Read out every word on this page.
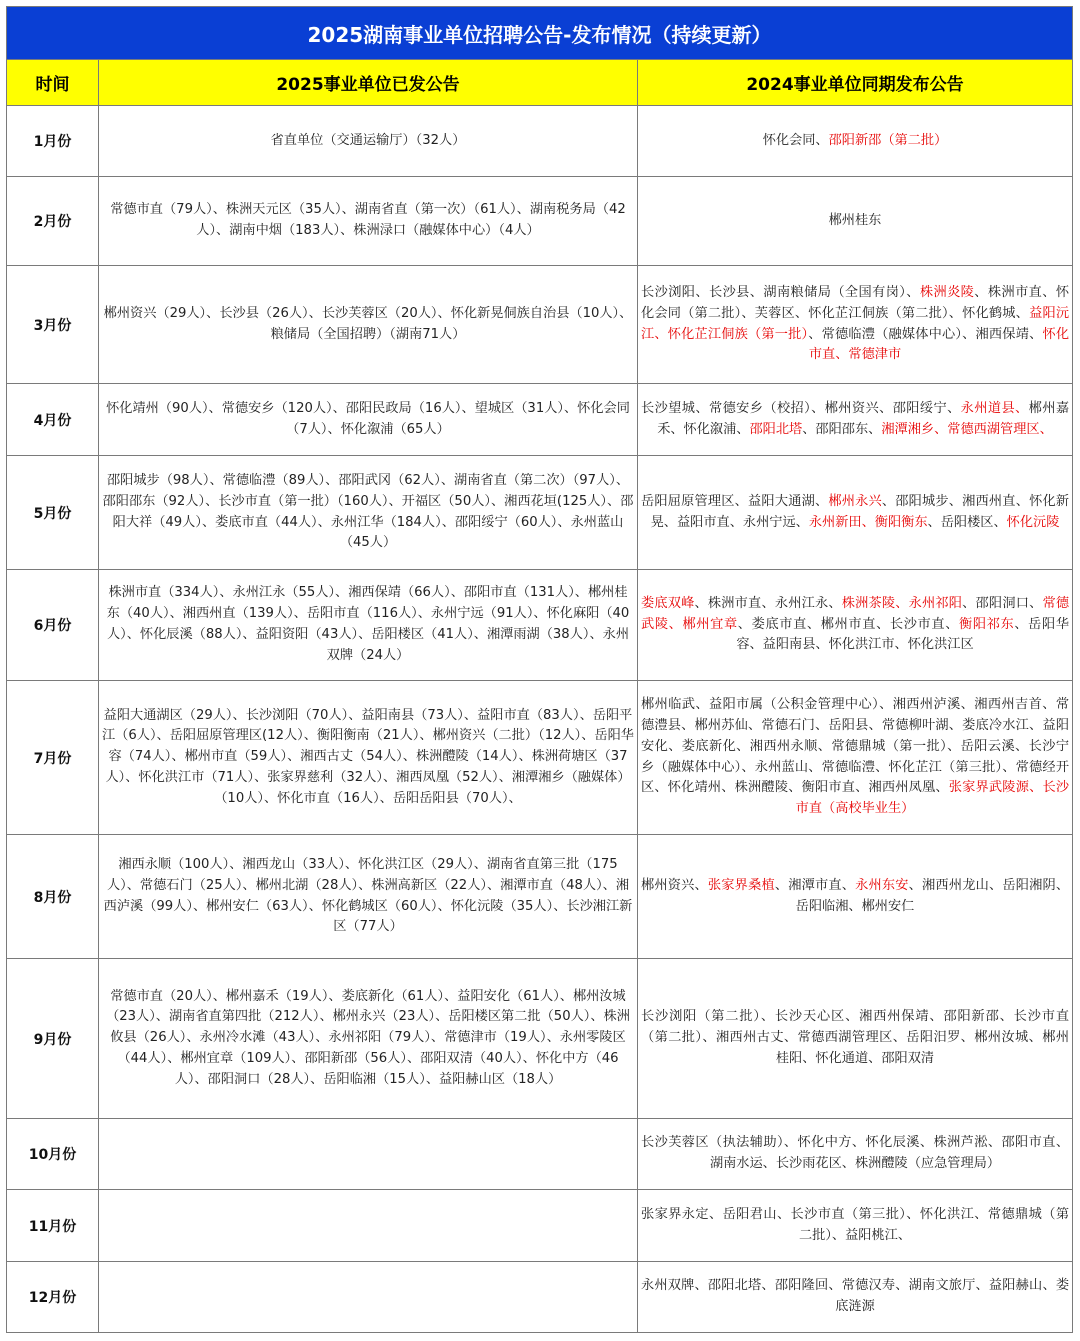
2025湖南事业单位招聘公告-发布情况（持续更新）		
时间	2025事业单位已发公告	2024事业单位同期发布公告
1月份	省直单位（交通运输厅）（32人）	怀化会同、邵阳新邵（第二批）
2月份	常德市直（79人）、株洲天元区（35人）、湖南省直（第一次）（61人）、湖南税务局（42人）、湖南中烟（183人）、株洲渌口（融媒体中心）（4人）	郴州桂东
3月份	郴州资兴（29人）、长沙县（26人）、长沙芙蓉区（20人）、怀化新晃侗族自治县（10人）、粮储局（全国招聘）（湖南71人）	长沙浏阳、长沙县、湖南粮储局（全国有岗）、株洲炎陵、株洲市直、怀化会同（第二批）、芙蓉区、怀化芷江侗族（第二批）、怀化鹤城、益阳沅江、怀化芷江侗族（第一批）、常德临澧（融媒体中心）、湘西保靖、怀化市直、常德津市
4月份	怀化靖州（90人）、常德安乡（120人）、邵阳民政局（16人）、望城区（31人）、怀化会同（7人）、怀化溆浦（65人）	长沙望城、常德安乡（校招）、郴州资兴、邵阳绥宁、永州道县、郴州嘉禾、怀化溆浦、邵阳北塔、邵阳邵东、湘潭湘乡、常德西湖管理区、
5月份	邵阳城步（98人）、常德临澧（89人）、邵阳武冈（62人）、湖南省直（第二次）（97人）、邵阳邵东（92人）、长沙市直（第一批）（160人）、开福区（50人）、湘西花垣(125人）、邵阳大祥（49人）、娄底市直（44人）、永州江华（184人）、邵阳绥宁（60人）、永州蓝山（45人）	岳阳屈原管理区、益阳大通湖、郴州永兴、邵阳城步、湘西州直、怀化新晃、益阳市直、永州宁远、永州新田、衡阳衡东、岳阳楼区、怀化沅陵
6月份	株洲市直（334人）、永州江永（55人）、湘西保靖（66人）、邵阳市直（131人）、郴州桂东（40人）、湘西州直（139人）、岳阳市直（116人）、永州宁远（91人）、怀化麻阳（40人）、怀化辰溪（88人）、益阳资阳（43人）、岳阳楼区（41人）、湘潭雨湖（38人）、永州双牌（24人）	娄底双峰、株洲市直、永州江永、株洲茶陵、永州祁阳、邵阳洞口、常德武陵、郴州宜章、娄底市直、郴州市直、长沙市直、衡阳祁东、岳阳华容、益阳南县、怀化洪江市、怀化洪江区
7月份	益阳大通湖区（29人）、长沙浏阳（70人）、益阳南县（73人）、益阳市直（83人）、岳阳平江（6人）、岳阳屈原管理区(12人）、衡阳衡南（21人）、郴州资兴（二批）（12人）、岳阳华容（74人）、郴州市直（59人）、湘西古丈（54人）、株洲醴陵（14人）、株洲荷塘区（37人）、怀化洪江市（71人）、张家界慈利（32人）、湘西凤凰（52人）、湘潭湘乡（融媒体）（10人）、怀化市直（16人）、岳阳岳阳县（70人）、	郴州临武、益阳市属（公积金管理中心）、湘西州泸溪、湘西州吉首、常德澧县、郴州苏仙、常德石门、岳阳县、常德柳叶湖、娄底冷水江、益阳安化、娄底新化、湘西州永顺、常德鼎城（第一批）、岳阳云溪、长沙宁乡（融媒体中心）、永州蓝山、常德临澧、怀化芷江（第三批）、常德经开区、怀化靖州、株洲醴陵、衡阳市直、湘西州凤凰、张家界武陵源、长沙市直（高校毕业生）
8月份	湘西永顺（100人）、湘西龙山（33人）、怀化洪江区（29人）、湖南省直第三批（175人）、常德石门（25人）、郴州北湖（28人）、株洲高新区（22人）、湘潭市直（48人）、湘西泸溪（99人）、郴州安仁（63人）、怀化鹤城区（60人）、怀化沅陵（35人）、长沙湘江新区（77人）	郴州资兴、张家界桑植、湘潭市直、永州东安、湘西州龙山、岳阳湘阴、岳阳临湘、郴州安仁
9月份	常德市直（20人）、郴州嘉禾（19人）、娄底新化（61人）、益阳安化（61人）、郴州汝城（23人）、湖南省直第四批（212人）、郴州永兴（23人）、岳阳楼区第二批（50人）、株洲攸县（26人）、永州冷水滩（43人）、永州祁阳（79人）、常德津市（19人）、永州零陵区（44人）、郴州宜章（109人）、邵阳新邵（56人）、邵阳双清（40人）、怀化中方（46人）、邵阳洞口（28人）、岳阳临湘（15人）、益阳赫山区（18人）	长沙浏阳（第二批）、长沙天心区、湘西州保靖、邵阳新邵、长沙市直（第二批）、湘西州古丈、常德西湖管理区、岳阳汨罗、郴州汝城、郴州桂阳、怀化通道、邵阳双清
10月份		长沙芙蓉区（执法辅助）、怀化中方、怀化辰溪、株洲芦淞、邵阳市直、湖南水运、长沙雨花区、株洲醴陵（应急管理局）
11月份		张家界永定、岳阳君山、长沙市直（第三批）、怀化洪江、常德鼎城（第二批）、益阳桃江、
12月份		永州双牌、邵阳北塔、邵阳隆回、常德汉寿、湖南文旅厅、益阳赫山、娄底涟源
